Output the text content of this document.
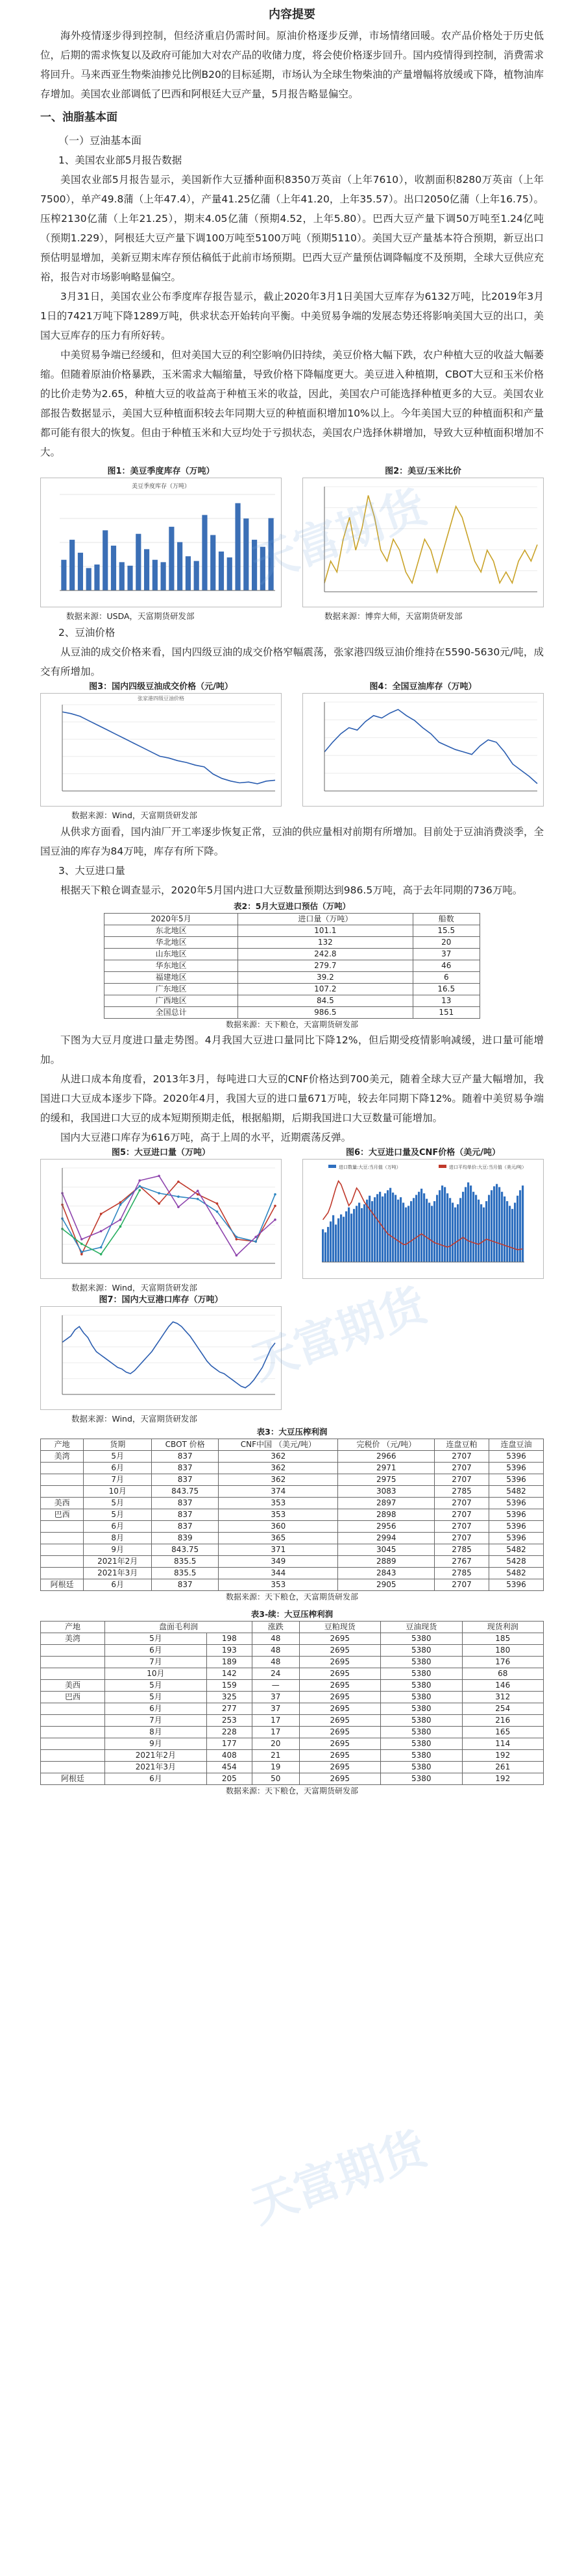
天富期货
天富期货
内容提要

海外疫情逐步得到控制，但经济重启仍需时间。原油价格逐步反弹，市场情绪回暖。农产品价格处于历史低位，后期的需求恢复以及政府可能加大对农产品的收储力度，将会使价格逐步回升。国内疫情得到控制，消费需求将回升。马来西亚生物柴油掺兑比例B20的目标延期，市场认为全球生物柴油的产量增幅将放缓或下降，植物油库存增加。美国农业部调低了巴西和阿根廷大豆产量，5月报告略显偏空。

一、油脂基本面
（一）豆油基本面
1、美国农业部5月报告数据

美国农业部5月报告显示，美国新作大豆播种面积8350万英亩（上年7610），收割面积8280万英亩（上年7500），单产49.8蒲（上年47.4），产量41.25亿蒲（上年41.20，上年35.57）。出口2050亿蒲（上年16.75）。压榨2130亿蒲（上年21.25），期末4.05亿蒲（预期4.52，上年5.80）。巴西大豆产量下调50万吨至1.24亿吨（预期1.229），阿根廷大豆产量下调100万吨至5100万吨（预期5110）。美国大豆产量基本符合预期，新豆出口预估明显增加，美新豆期末库存预估稿低于此前市场预期。巴西大豆产量预估调降幅度不及预期，全球大豆供应充裕，报告对市场影响略显偏空。

3月31日，美国农业公布季度库存报告显示，截止2020年3月1日美国大豆库存为6132万吨，比2019年3月1日的7421万吨下降1289万吨，供求状态开始转向平衡。中美贸易争端的发展态势还将影响美国大豆的出口，美国大豆库存的压力有所好转。

中美贸易争端已经缓和，但对美国大豆的利空影响仍旧持续，美豆价格大幅下跌，农户种植大豆的收益大幅萎缩。但随着原油价格暴跌，玉米需求大幅缩量，导致价格下降幅度更大。美豆进入种植期，CBOT大豆和玉米价格的比价走势为2.65，种植大豆的收益高于种植玉米的收益，因此，美国农户可能选择种植更多的大豆。美国农业部报告数据显示，美国大豆种植面积较去年同期大豆的种植面积增加10%以上。今年美国大豆的种植面积和产量都可能有很大的恢复。但由于种植玉米和大豆均处于亏损状态，美国农户选择休耕增加，导致大豆种植面积增加不大。

图1：美豆季度库存（万吨）
美豆季度库存（万吨）
图2：美豆/玉米比价
数据来源：USDA，天富期货研发部	数据来源：博弈大师，天富期货研发部
2、豆油价格

从豆油的成交价格来看，国内四级豆油的成交价格窄幅震荡，张家港四级豆油价维持在5590-5630元/吨，成交有所增加。

图3：国内四级豆油成交价格（元/吨）
张家港四级豆油价格
图4：全国豆油库存（万吨）
数据来源：Wind，天富期货研发部

从供求方面看，国内油厂开工率逐步恢复正常，豆油的供应量相对前期有所增加。目前处于豆油消费淡季，全国豆油的库存为84万吨，库存有所下降。

3、大豆进口量

根据天下粮仓调查显示，2020年5月国内进口大豆数量预期达到986.5万吨，高于去年同期的736万吨。

表2：5月大豆进口预估（万吨）
2020年5月	进口量（万吨）	船数
东北地区	101.1	15.5
华北地区	132	20
山东地区	242.8	37
华东地区	279.7	46
福建地区	39.2	6
广东地区	107.2	16.5
广西地区	84.5	13
全国总计	986.5	151
数据来源：天下粮仓，天富期货研发部

下图为大豆月度进口量走势图。4月我国大豆进口量同比下降12%，但后期受疫情影响减缓，进口量可能增加。

从进口成本角度看，2013年3月，每吨进口大豆的CNF价格达到700美元，随着全球大豆产量大幅增加，我国进口大豆成本逐步下降。2020年4月，我国大豆的进口量671万吨，较去年同期下降12%。随着中美贸易争端的缓和，我国进口大豆的成本短期预期走低，根据船期，后期我国进口大豆数量可能增加。

国内大豆港口库存为616万吨，高于上周的水平，近期震荡反弹。

图5：大豆进口量（万吨）	图6：大豆进口量及CNF价格（美元/吨）
进口数量:大豆:当月值（万吨）	进口平均单价:大豆:当月值（美元/吨）
数据来源：Wind，天富期货研发部
图7：国内大豆港口库存（万吨）
数据来源：Wind，天富期货研发部
表3：大豆压榨利润
产地	货期	CBOT 价格	CNF中国 （美元/吨）	完税价 （元/吨）	连盘豆粕	连盘豆油
美湾	5月	837	362	2966	2707	5396
	6月	837	362	2971	2707	5396
	7月	837	362	2975	2707	5396
	10月	843.75	374	3083	2785	5482
美西	5月	837	353	2897	2707	5396
巴西	5月	837	353	2898	2707	5396
	6月	837	360	2956	2707	5396
	8月	839	365	2994	2707	5396
	9月	843.75	371	3045	2785	5482
	2021年2月	835.5	349	2889	2767	5428
	2021年3月	835.5	344	2843	2785	5482
阿根廷	6月	837	353	2905	2707	5396
数据来源：天下粮仓，天富期货研发部
表3-续：大豆压榨利润
产地	盘面毛利润		涨跌	豆粕现货	豆油现货	现货利润
美湾	5月	198	48	2695	5380	185
	6月	193	48	2695	5380	180
	7月	189	48	2695	5380	176
	10月	142	24	2695	5380	68
美西	5月	159	—	2695	5380	146
巴西	5月	325	37	2695	5380	312
	6月	277	37	2695	5380	254
	7月	253	17	2695	5380	216
	8月	228	17	2695	5380	165
	9月	177	20	2695	5380	114
	2021年2月	408	21	2695	5380	192
	2021年3月	454	19	2695	5380	261
阿根廷	6月	205	50	2695	5380	192
数据来源：天下粮仓，天富期货研发部
